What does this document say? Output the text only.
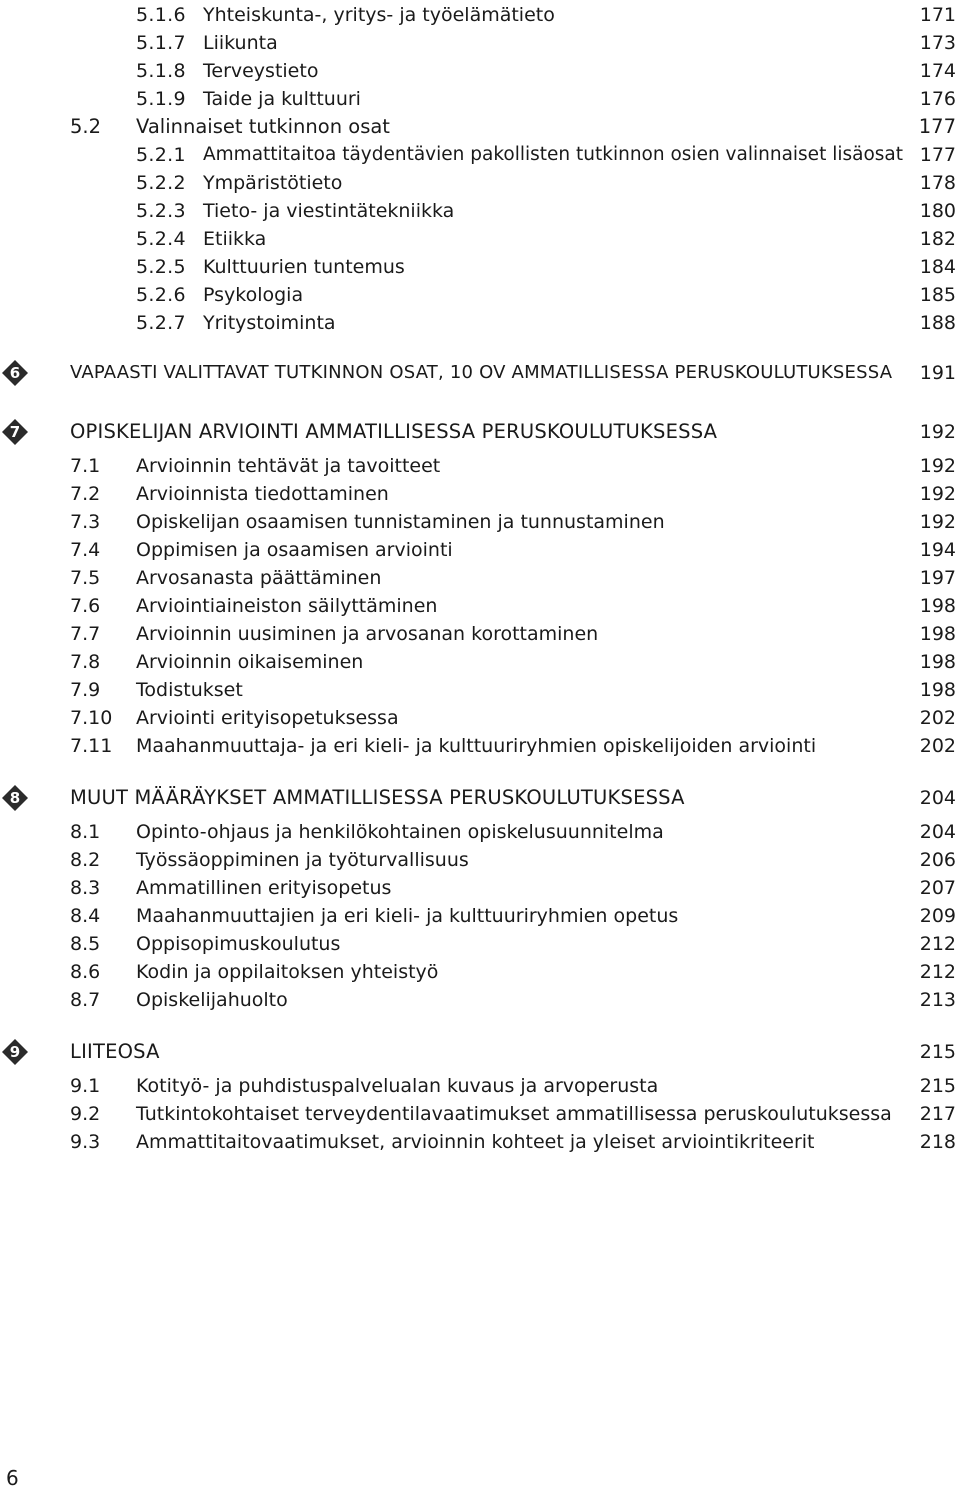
5.1.6 Yhteiskunta-, yritys- ja työelämätieto	171
5.1.7 Liikunta	173
5.1.8 Terveystieto	174
5.1.9 Taide ja kulttuuri	176
5.2 Valinnaiset tutkinnon osat	177
5.2.1 Ammattitaitoa täydentävien pakollisten tutkinnon osien valinnaiset lisäosat 177
5.2.2 Ympäristötieto	178
5.2.3 Tieto- ja viestintätekniikka	180
5.2.4 Etiikka	182
5.2.5 Kulttuurien tuntemus	184
5.2.6 Psykologia	185
5.2.7 Yritystoiminta	188
6	VAPAASTI VALITTAVAT TUTKINNON OSAT, 10 OV AMMATILLISESSA PERUSKOULUTUKSESSA 191
7	OPISKELIJAN ARVIOINTI AMMATILLISESSA PERUSKOULUTUKSESSA	192
7.1 Arvioinnin tehtävät ja tavoitteet	192
7.2 Arvioinnista tiedottaminen	192
7.3 Opiskelijan osaamisen tunnistaminen ja tunnustaminen	192
7.4 Oppimisen ja osaamisen arviointi	194
7.5 Arvosanasta päättäminen	197
7.6 Arviointiaineiston säilyttäminen	198
7.7 Arvioinnin uusiminen ja arvosanan korottaminen	198
7.8 Arvioinnin oikaiseminen	198
7.9 Todistukset	198
7.10 Arviointi erityisopetuksessa	202
7.11 Maahanmuuttaja- ja eri kieli- ja kulttuuriryhmien opiskelijoiden arviointi	202
8	MUUT MÄÄRÄYKSET AMMATILLISESSA PERUSKOULUTUKSESSA	204
8.1 Opinto-ohjaus ja henkilökohtainen opiskelusuunnitelma	204
8.2 Työssäoppiminen ja työturvallisuus	206
8.3 Ammatillinen erityisopetus	207
8.4 Maahanmuuttajien ja eri kieli- ja kulttuuriryhmien opetus	209
8.5 Oppisopimuskoulutus	212
8.6 Kodin ja oppilaitoksen yhteistyö	212
8.7 Opiskelijahuolto	213
9	LIITEOSA	215
9.1 Kotityö- ja puhdistuspalvelualan kuvaus ja arvoperusta	215
9.2 Tutkintokohtaiset terveydentilavaatimukset ammatillisessa peruskoulutuksessa 217
9.3 Ammattitaitovaatimukset, arvioinnin kohteet ja yleiset arviointikriteerit	218
6
